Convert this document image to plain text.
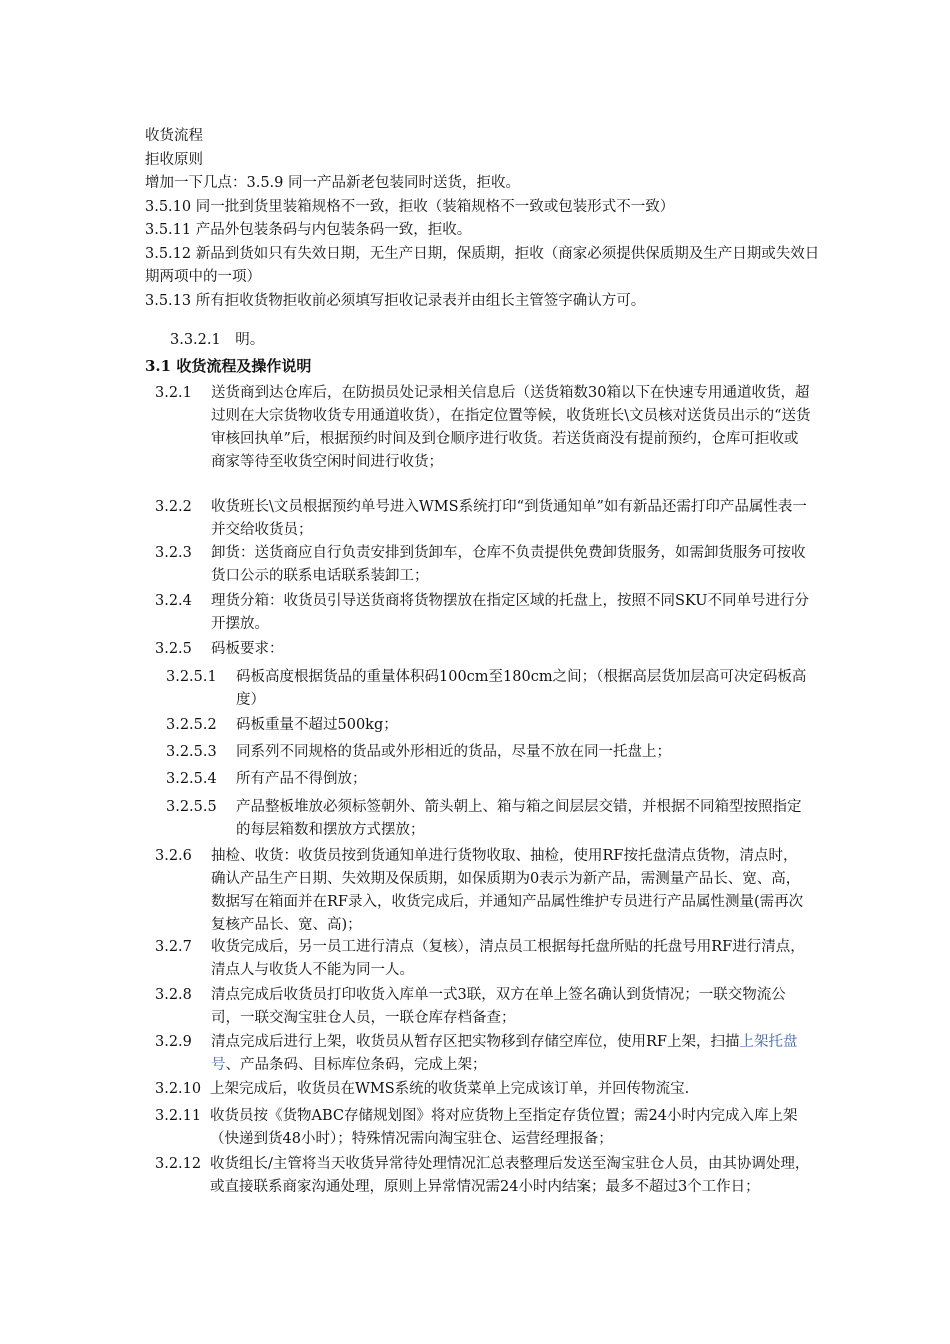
收货流程
拒收原则
增加一下几点：3.5.9 同一产品新老包装同时送货，拒收。
3.5.10 同一批到货里装箱规格不一致，拒收（装箱规格不一致或包装形式不一致）
3.5.11 产品外包装条码与内包装条码一致，拒收。
3.5.12 新品到货如只有失效日期，无生产日期，保质期，拒收（商家必须提供保质期及生产日期或失效日期两项中的一项）
3.5.13 所有拒收货物拒收前必须填写拒收记录表并由组长主管签字确认方可。
3.3.2.1　明。
3.1 收货流程及操作说明
3.2.1 送货商到达仓库后，在防损员处记录相关信息后（送货箱数30箱以下在快速专用通道收货，超过则在大宗货物收货专用通道收货），在指定位置等候，收货班长\文员核对送货员出示的“送货审核回执单”后，根据预约时间及到仓顺序进行收货。若送货商没有提前预约，仓库可拒收或商家等待至收货空闲时间进行收货；
3.2.2 收货班长\文员根据预约单号进入WMS系统打印“到货通知单”如有新品还需打印产品属性表一并交给收货员；
3.2.3 卸货：送货商应自行负责安排到货卸车，仓库不负责提供免费卸货服务，如需卸货服务可按收货口公示的联系电话联系装卸工；
3.2.4 理货分箱：收货员引导送货商将货物摆放在指定区域的托盘上，按照不同SKU不同单号进行分开摆放。
3.2.5 码板要求：
3.2.5.1 码板高度根据货品的重量体积码100cm至180cm之间；（根据高层货加层高可决定码板高度）
3.2.5.2 码板重量不超过500kg；
3.2.5.3 同系列不同规格的货品或外形相近的货品，尽量不放在同一托盘上；
3.2.5.4 所有产品不得倒放；
3.2.5.5 产品整板堆放必须标签朝外、箭头朝上、箱与箱之间层层交错，并根据不同箱型按照指定的每层箱数和摆放方式摆放；
3.2.6 抽检、收货：收货员按到货通知单进行货物收取、抽检，使用RF按托盘清点货物，清点时，确认产品生产日期、失效期及保质期，如保质期为0表示为新产品，需测量产品长、宽、高，数据写在箱面并在RF录入，收货完成后，并通知产品属性维护专员进行产品属性测量(需再次复核产品长、宽、高)；
3.2.7 收货完成后，另一员工进行清点（复核），清点员工根据每托盘所贴的托盘号用RF进行清点，清点人与收货人不能为同一人。
3.2.8 清点完成后收货员打印收货入库单一式3联，双方在单上签名确认到货情况；一联交物流公司，一联交淘宝驻仓人员，一联仓库存档备查；
3.2.9 清点完成后进行上架，收货员从暂存区把实物移到存储空库位，使用RF上架，扫描上架托盘号、产品条码、目标库位条码，完成上架；
3.2.10 上架完成后，收货员在WMS系统的收货菜单上完成该订单，并回传物流宝.
3.2.11 收货员按《货物ABC存储规划图》将对应货物上至指定存货位置；需24小时内完成入库上架（快递到货48小时）；特殊情况需向淘宝驻仓、运营经理报备；
3.2.12 收货组长/主管将当天收货异常待处理情况汇总表整理后发送至淘宝驻仓人员，由其协调处理，或直接联系商家沟通处理，原则上异常情况需24小时内结案；最多不超过3个工作日；
